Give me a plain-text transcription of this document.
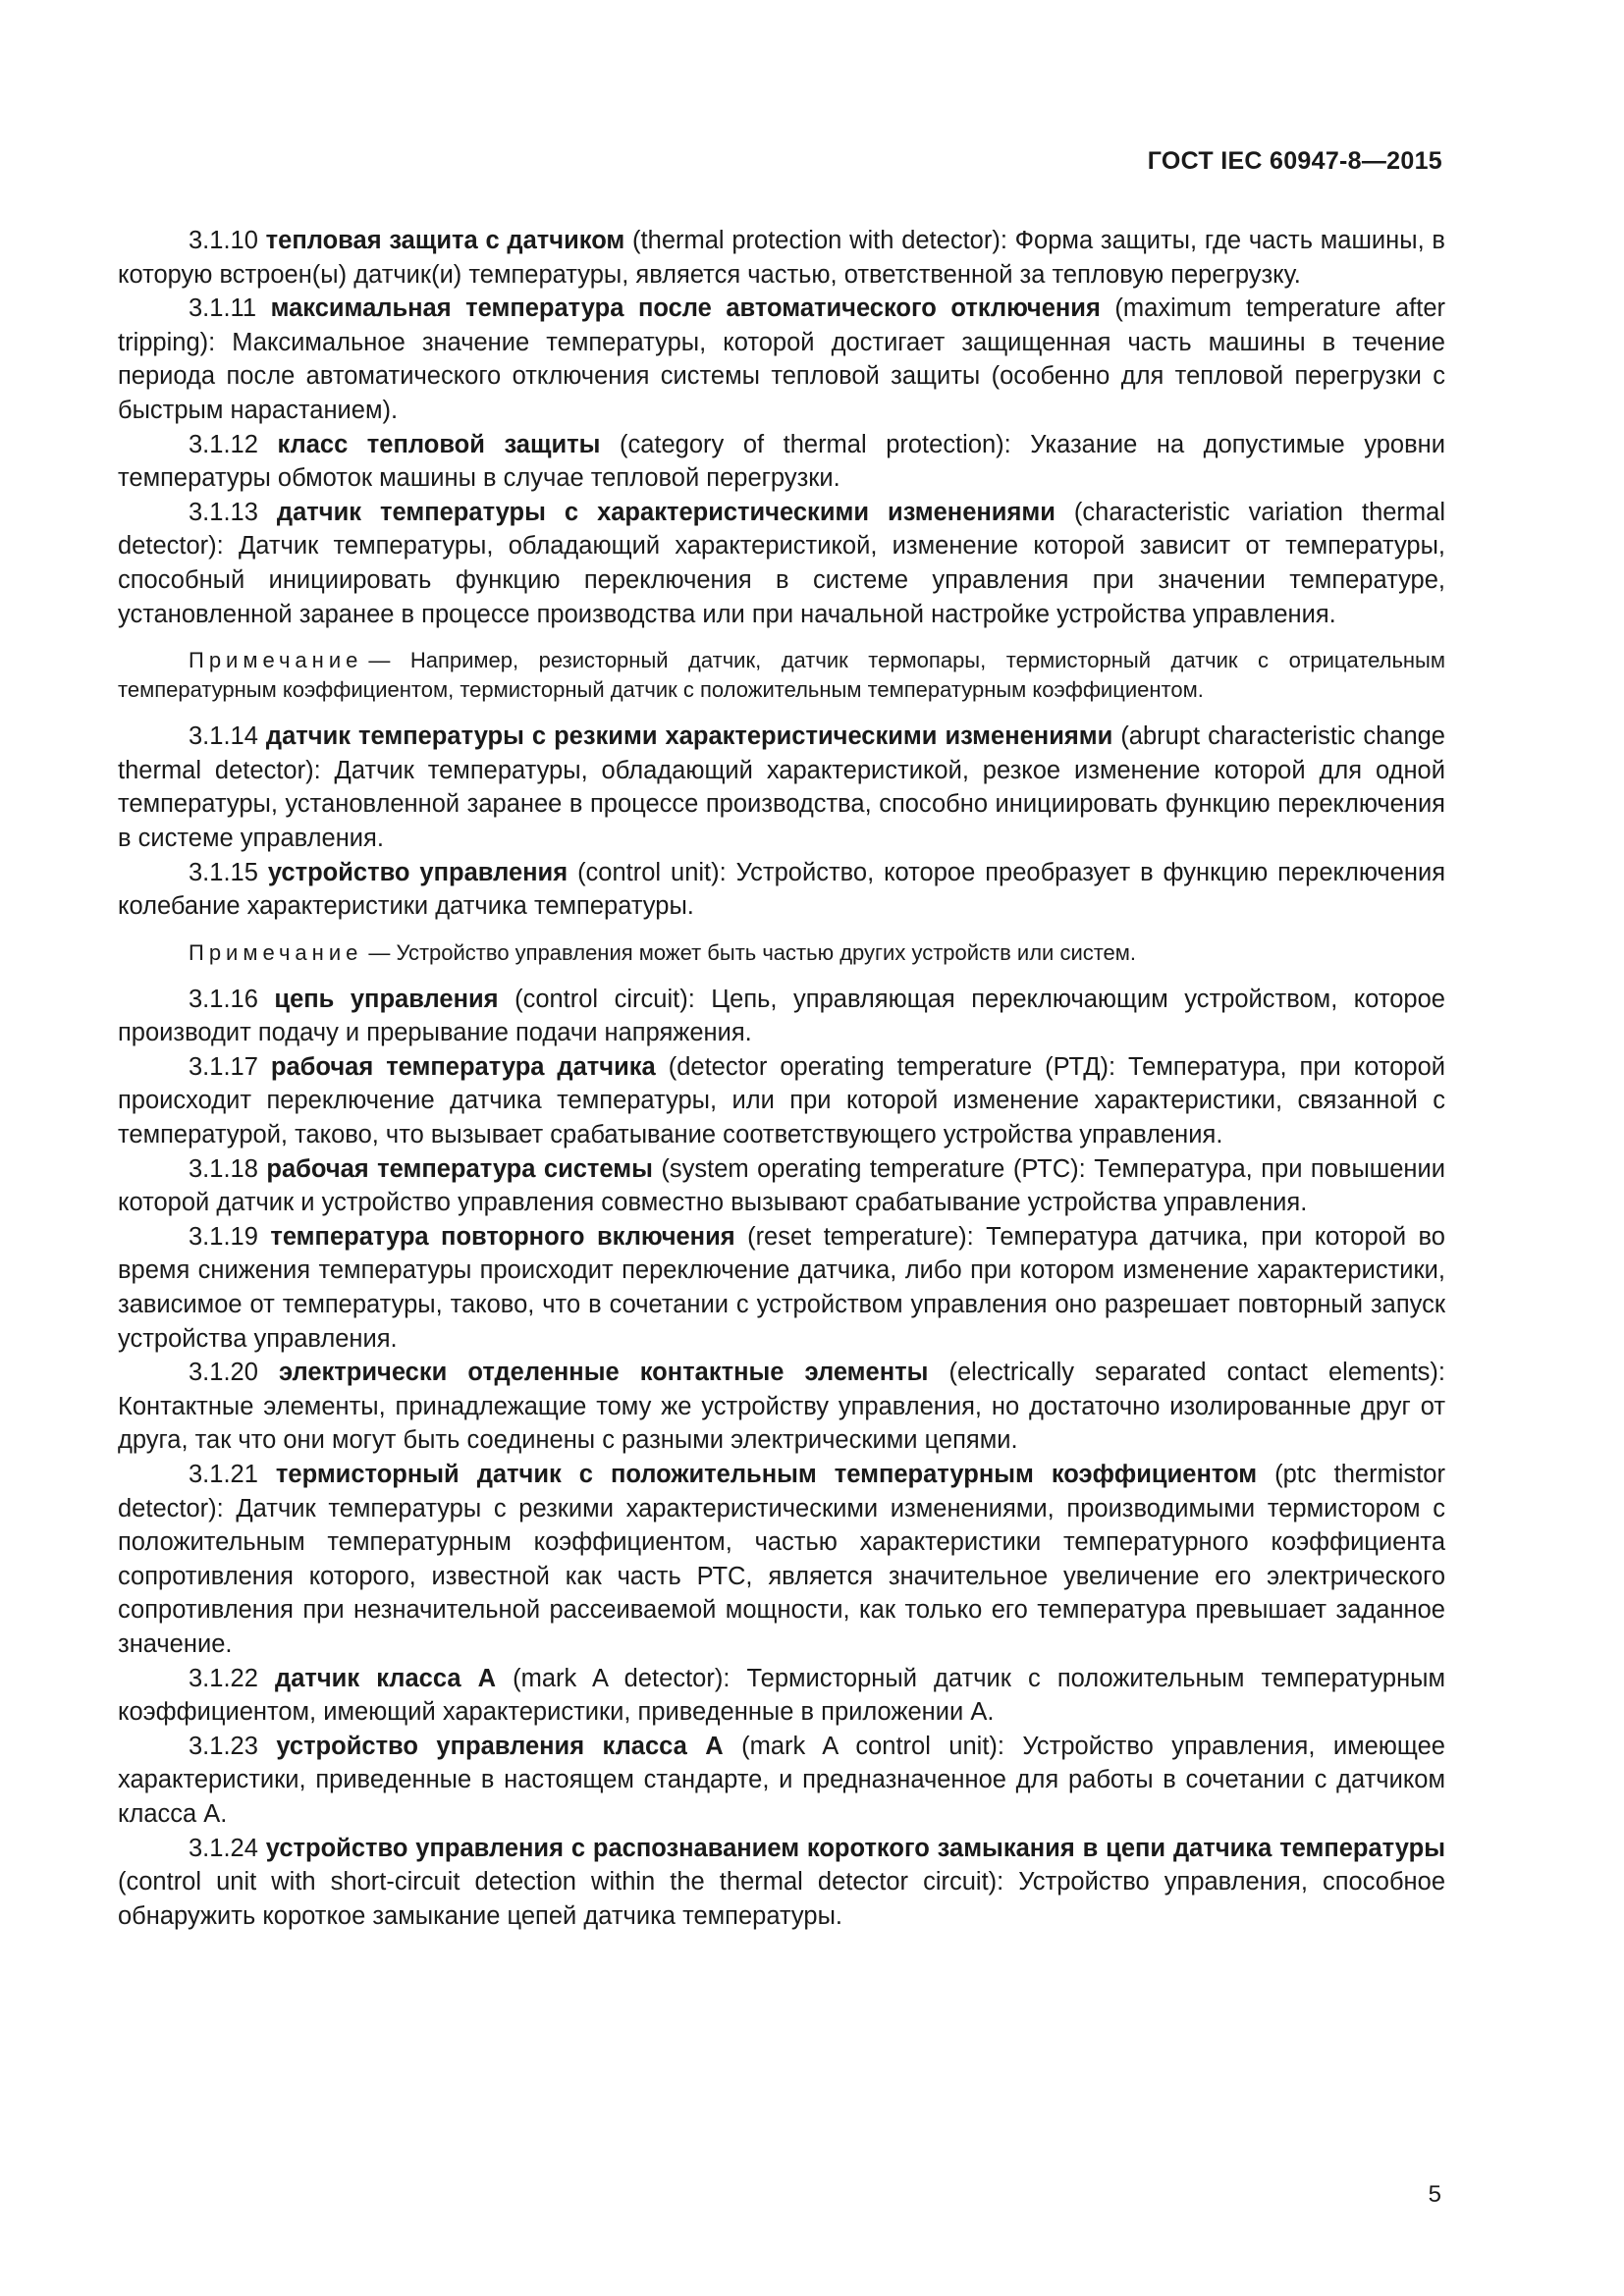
ГОСТ IEC 60947-8—2015

3.1.10 тепловая защита с датчиком (thermal protection with detector): Форма защиты, где часть машины, в которую встроен(ы) датчик(и) температуры, является частью, ответственной за тепловую перегрузку.

3.1.11 максимальная температура после автоматического отключения (maximum temperature after tripping): Максимальное значение температуры, которой достигает защищенная часть машины в течение периода после автоматического отключения системы тепловой защиты (особенно для тепловой перегрузки с быстрым нарастанием).

3.1.12 класс тепловой защиты (category of thermal protection): Указание на допустимые уровни температуры обмоток машины в случае тепловой перегрузки.

3.1.13 датчик температуры с характеристическими изменениями (characteristic variation thermal detector): Датчик температуры, обладающий характеристикой, изменение которой зависит от температуры, способный инициировать функцию переключения в системе управления при значении температуре, установленной заранее в процессе производства или при начальной настройке устройства управления.

Примечание — Например, резисторный датчик, датчик термопары, термисторный датчик с отрицательным температурным коэффициентом, термисторный датчик с положительным температурным коэффициентом.

3.1.14 датчик температуры с резкими характеристическими изменениями (abrupt characteristic change thermal detector): Датчик температуры, обладающий характеристикой, резкое изменение которой для одной температуры, установленной заранее в процессе производства, способно инициировать функцию переключения в системе управления.

3.1.15 устройство управления (control unit): Устройство, которое преобразует в функцию переключения колебание характеристики датчика температуры.

Примечание — Устройство управления может быть частью других устройств или систем.

3.1.16 цепь управления (control circuit): Цепь, управляющая переключающим устройством, которое производит подачу и прерывание подачи напряжения.

3.1.17 рабочая температура датчика (detector operating temperature (РТД): Температура, при которой происходит переключение датчика температуры, или при которой изменение характеристики, связанной с температурой, таково, что вызывает срабатывание соответствующего устройства управления.

3.1.18 рабочая температура системы (system operating temperature (РТС): Температура, при повышении которой датчик и устройство управления совместно вызывают срабатывание устройства управления.

3.1.19 температура повторного включения (reset temperature): Температура датчика, при которой во время снижения температуры происходит переключение датчика, либо при котором изменение характеристики, зависимое от температуры, таково, что в сочетании с устройством управления оно разрешает повторный запуск устройства управления.

3.1.20 электрически отделенные контактные элементы (electrically separated contact elements): Контактные элементы, принадлежащие тому же устройству управления, но достаточно изолированные друг от друга, так что они могут быть соединены с разными электрическими цепями.

3.1.21 термисторный датчик с положительным температурным коэффициентом (ptc thermistor detector): Датчик температуры с резкими характеристическими изменениями, производимыми термистором с положительным температурным коэффициентом, частью характеристики температурного коэффициента сопротивления которого, известной как часть РТС, является значительное увеличение его электрического сопротивления при незначительной рассеиваемой мощности, как только его температура превышает заданное значение.

3.1.22 датчик класса А (mark A detector): Термисторный датчик с положительным температурным коэффициентом, имеющий характеристики, приведенные в приложении А.

3.1.23 устройство управления класса А (mark A control unit): Устройство управления, имеющее характеристики, приведенные в настоящем стандарте, и предназначенное для работы в сочетании с датчиком класса А.

3.1.24 устройство управления с распознаванием короткого замыкания в цепи датчика температуры (control unit with short-circuit detection within the thermal detector circuit): Устройство управления, способное обнаружить короткое замыкание цепей датчика температуры.

5
